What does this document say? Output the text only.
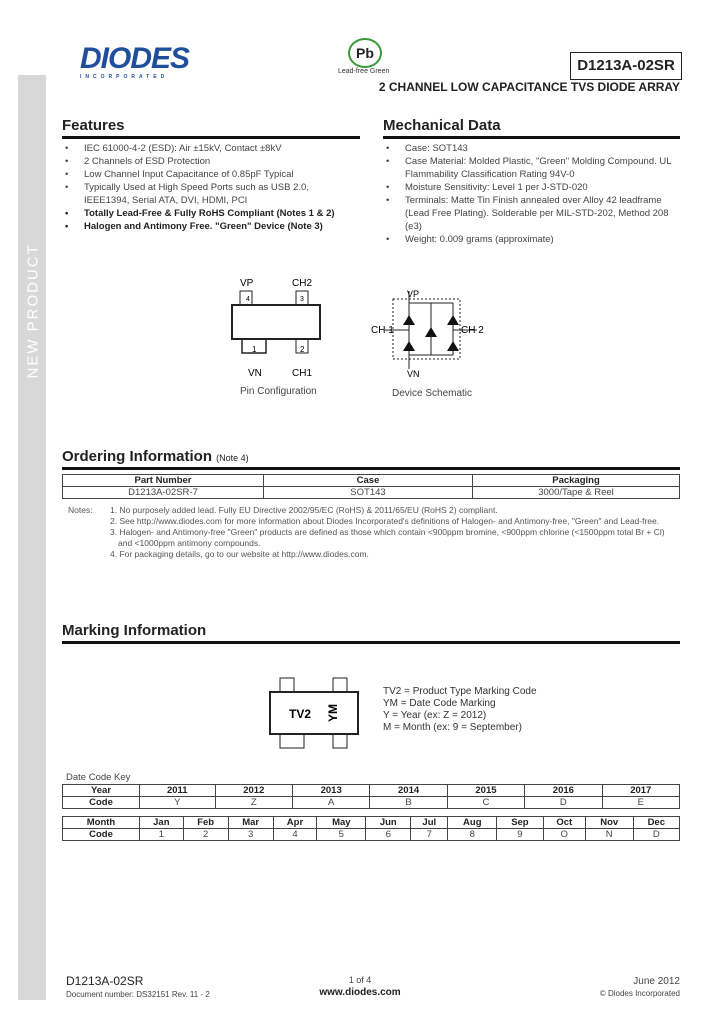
NEW PRODUCT
DIODES
INCORPORATED
Pb
Lead-free Green	D1213A-02SR
2 CHANNEL LOW CAPACITANCE TVS DIODE ARRAY
Features
• IEC 61000-4-2 (ESD): Air ±15kV, Contact ±8kV
• 2 Channels of ESD Protection
• Low Channel Input Capacitance of 0.85pF Typical
• Typically Used at High Speed Ports such as USB 2.0, IEEE1394, Serial ATA, DVI, HDMI, PCI
• Totally Lead-Free & Fully RoHS Compliant (Notes 1 & 2)
• Halogen and Antimony Free. "Green" Device (Note 3)
Mechanical Data
• Case: SOT143
• Case Material: Molded Plastic, "Green" Molding Compound. UL Flammability Classification Rating 94V-0
• Moisture Sensitivity: Level 1 per J-STD-020
• Terminals: Matte Tin Finish annealed over Alloy 42 leadframe (Lead Free Plating). Solderable per MIL-STD-202, Method 208 (e3)
• Weight: 0.009 grams (approximate)
4	3
1	2
VP	CH2
VN	CH1
Pin Configuration
VP
VN
CH 1	CH 2
Device Schematic
Ordering Information (Note 4)
Part Number	Case	Packaging
D1213A-02SR-7	SOT143	3000/Tape & Reel
Notes: 1. No purposely added lead. Fully EU Directive 2002/95/EC (RoHS) & 2011/65/EU (RoHS 2) compliant.
2. See http://www.diodes.com for more information about Diodes Incorporated's definitions of Halogen- and Antimony-free, "Green" and Lead-free.
3. Halogen- and Antimony-free "Green" products are defined as those which contain <900ppm bromine, <900ppm chlorine (<1500ppm total Br + Cl) and <1000ppm antimony compounds.
4. For packaging details, go to our website at http://www.diodes.com.
Marking Information
TV2 YM
TV2 = Product Type Marking Code
YM = Date Code Marking
Y = Year (ex: Z = 2012)
M = Month (ex: 9 = September)
Date Code Key
Year	2011	2012	2013	2014	2015	2016	2017
Code	Y	Z	A	B	C	D	E
Month	Jan	Feb	Mar	Apr	May	Jun	Jul	Aug	Sep	Oct	Nov	Dec
Code	1	2	3	4	5	6	7	8	9	O	N	D
D1213A-02SR
Document number: DS32151 Rev. 11 - 2
1 of 4
www.diodes.com
June 2012
© Diodes Incorporated
